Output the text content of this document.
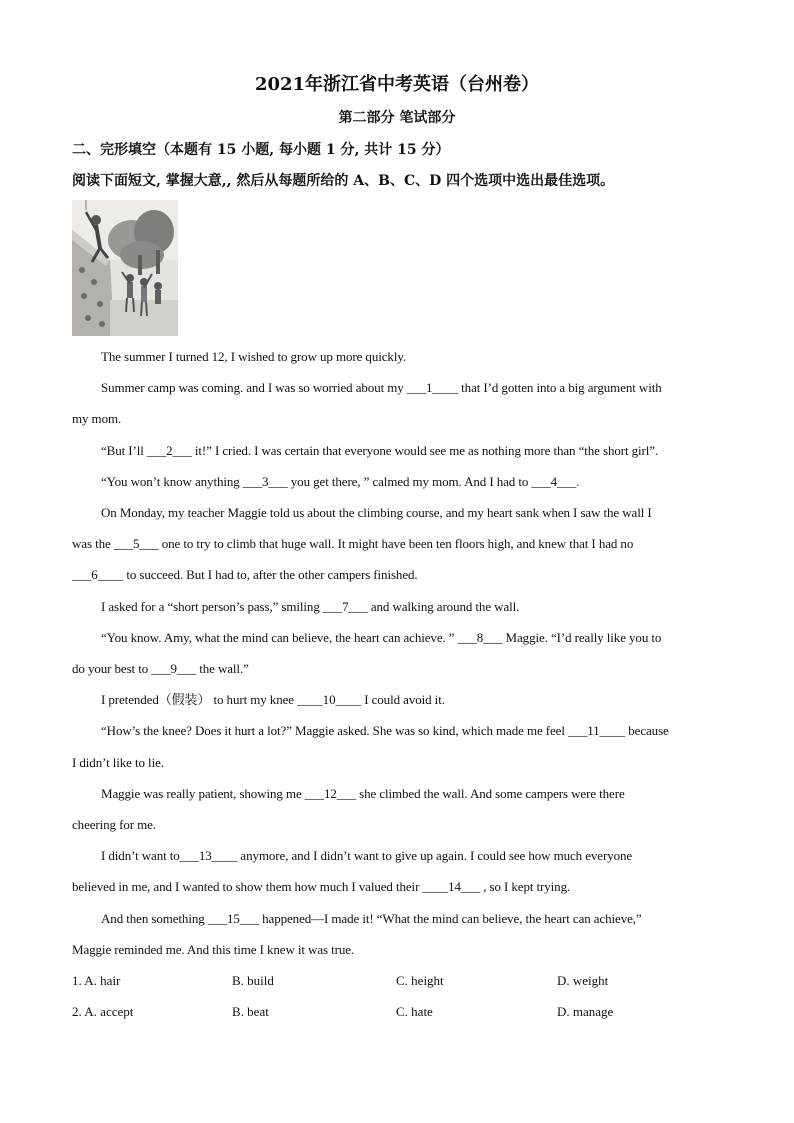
2021年浙江省中考英语（台州卷）
第二部分 笔试部分
二、完形填空（本题有 15 小题, 每小题 1 分, 共计 15 分）
阅读下面短文, 掌握大意,, 然后从每题所给的 A、B、C、D 四个选项中选出最佳选项。
The summer I turned 12, I wished to grow up more quickly.
Summer camp was coming. and I was so worried about my ___1____ that I’d gotten into a big argument with
my mom.
“But I’ll ___2___ it!” I cried. I was certain that everyone would see me as nothing more than “the short girl”.
“You won’t know anything ___3___ you get there, ” calmed my mom. And I had to ___4___.
On Monday, my teacher Maggie told us about the climbing course, and my heart sank when I saw the wall I
was the ___5___ one to try to climb that huge wall. It might have been ten floors high, and knew that I had no
___6____ to succeed. But I had to, after the other campers finished.
I asked for a “short person’s pass,” smiling ___7___ and walking around the wall.
“You know. Amy, what the mind can believe, the heart can achieve. ” ___8___ Maggie. “I’d really like you to
do your best to ___9___ the wall.”
I pretended（假装） to hurt my knee ____10____ I could avoid it.
“How’s the knee? Does it hurt a lot?” Maggie asked. She was so kind, which made me feel ___11____ because
I didn’t like to lie.
Maggie was really patient, showing me ___12___ she climbed the wall. And some campers were there
cheering for me.
I didn’t want to___13____ anymore, and I didn’t want to give up again. I could see how much everyone
believed in me, and I wanted to show them how much I valued their ____14___ , so I kept trying.
And then something ___15___ happened—I made it! “What the mind can believe, the heart can achieve,”
Maggie reminded me. And this time I knew it was true.
1. A. hair	B. build	C. height	D. weight
2. A. accept	B. beat	C. hate	D. manage
